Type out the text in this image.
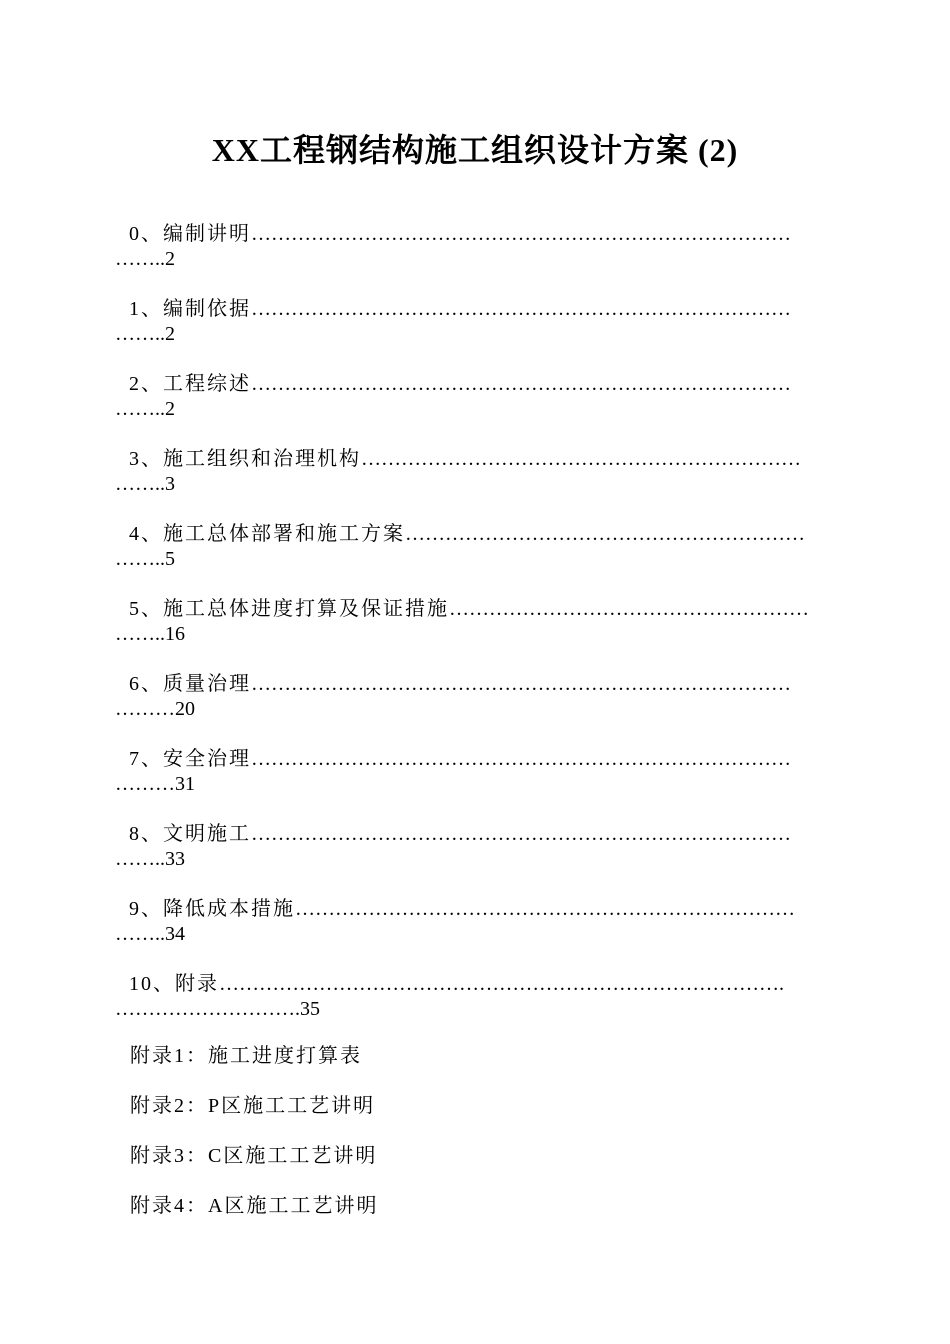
XX工程钢结构施工组织设计方案 (2)
0、编制讲明………………………………………………………………………
……..2
1、编制依据………………………………………………………………………
……..2
2、工程综述………………………………………………………………………
……..2
3、施工组织和治理机构…………………………………………………………
……..3
4、施工总体部署和施工方案……………………………………………………
……..5
5、施工总体进度打算及保证措施………………………………………………
……..16
6、质量治理………………………………………………………………………
………20
7、安全治理………………………………………………………………………
………31
8、文明施工………………………………………………………………………
……..33
9、降低成本措施…………………………………………………………………
……..34
10、附录………………………………………………………………………….
……………………….35
附录1：施工进度打算表
附录2：P区施工工艺讲明
附录3：C区施工工艺讲明
附录4：A区施工工艺讲明
